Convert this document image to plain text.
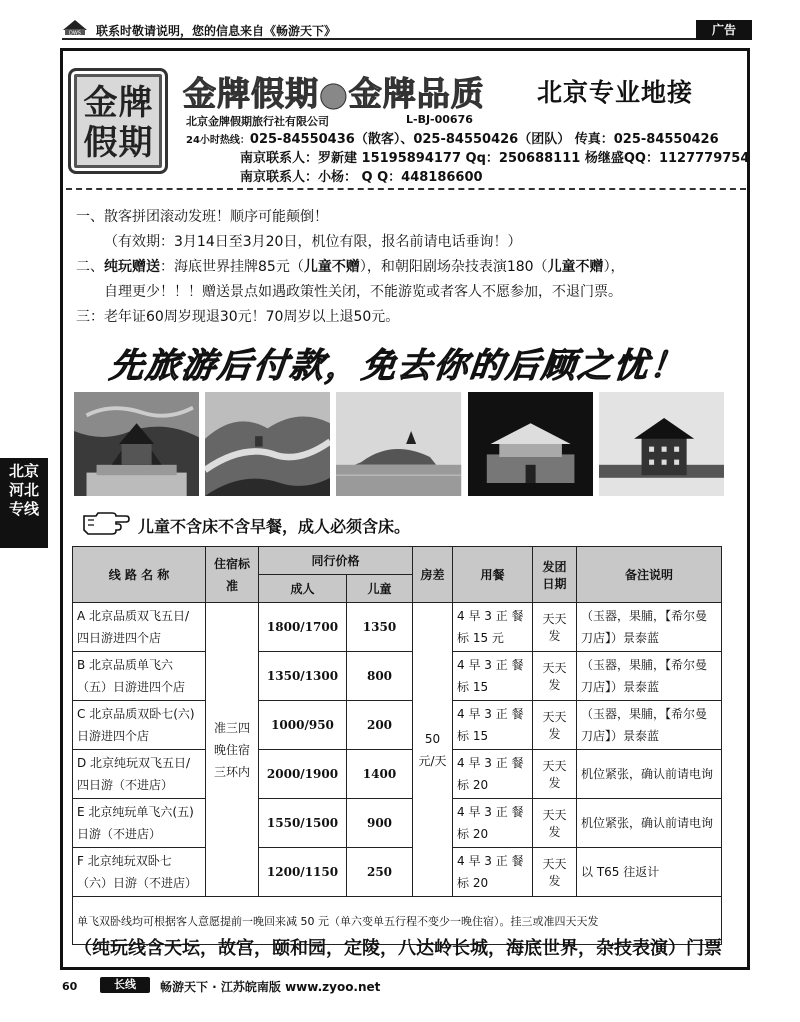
DWS 联系时敬请说明，您的信息来自《畅游天下》	广告
金 牌
假 期
金牌假期●金牌品质 北京专业地接
北京金牌假期旅行社有限公司	L-BJ-00676
24小时热线：025-84550436（散客）、025-84550426（团队） 传真：025-84550426
南京联系人：罗新建 15195894177 Qq：250688111 杨继盛QQ：1127779754
南京联系人：小杨： Q Q：448186600
一、散客拼团滚动发班！顺序可能颠倒！
（有效期：3月14日至3月20日，机位有限，报名前请电话垂询！）
二、纯玩赠送：海底世界挂牌85元（儿童不赠），和朝阳剧场杂技表演180（儿童不赠），
自理更少！！！赠送景点如遇政策性关闭，不能游览或者客人不愿参加，不退门票。
三：老年证60周岁现退30元！70周岁以上退50元。
先旅游后付款，免去你的后顾之忧！
北京
河北
专线
儿童不含床不含早餐，成人必须含床。
线 路 名 称	住宿标准	同行价格		房差	用餐	发团日期	备注说明
		成人	儿童				
A 北京品质双飞五日/四日游进四个店	准三四晚住宿三环内	1800/1700	1350	50元/天	4 早 3 正 餐标 15 元	天天发	（玉器，果脯，【希尔曼刀店】）景泰蓝
B 北京品质单飞六（五）日游进四个店		1350/1300	800		4 早 3 正 餐标 15	天天发	（玉器，果脯，【希尔曼刀店】）景泰蓝
C 北京品质双卧七(六)日游进四个店		1000/950	200		4 早 3 正 餐标 15	天天发	（玉器，果脯，【希尔曼刀店】）景泰蓝
D 北京纯玩双飞五日/四日游（不进店）		2000/1900	1400		4 早 3 正 餐标 20	天天发	机位紧张，确认前请电询
E 北京纯玩单飞六(五)日游（不进店）		1550/1500	900		4 早 3 正 餐标 20	天天发	机位紧张，确认前请电询
F 北京纯玩双卧七（六）日游（不进店）		1200/1150	250		4 早 3 正 餐标 20	天天发	以 T65 往返计
单飞双卧线均可根据客人意愿提前一晚回来减 50 元（单六变单五行程不变少一晚住宿）。挂三或准四天天发							
（纯玩线含天坛，故宫，颐和园，定陵，八达岭长城，海底世界，杂技表演）门票
60	长线	畅游天下 · 江苏皖南版 www.zyoo.net
